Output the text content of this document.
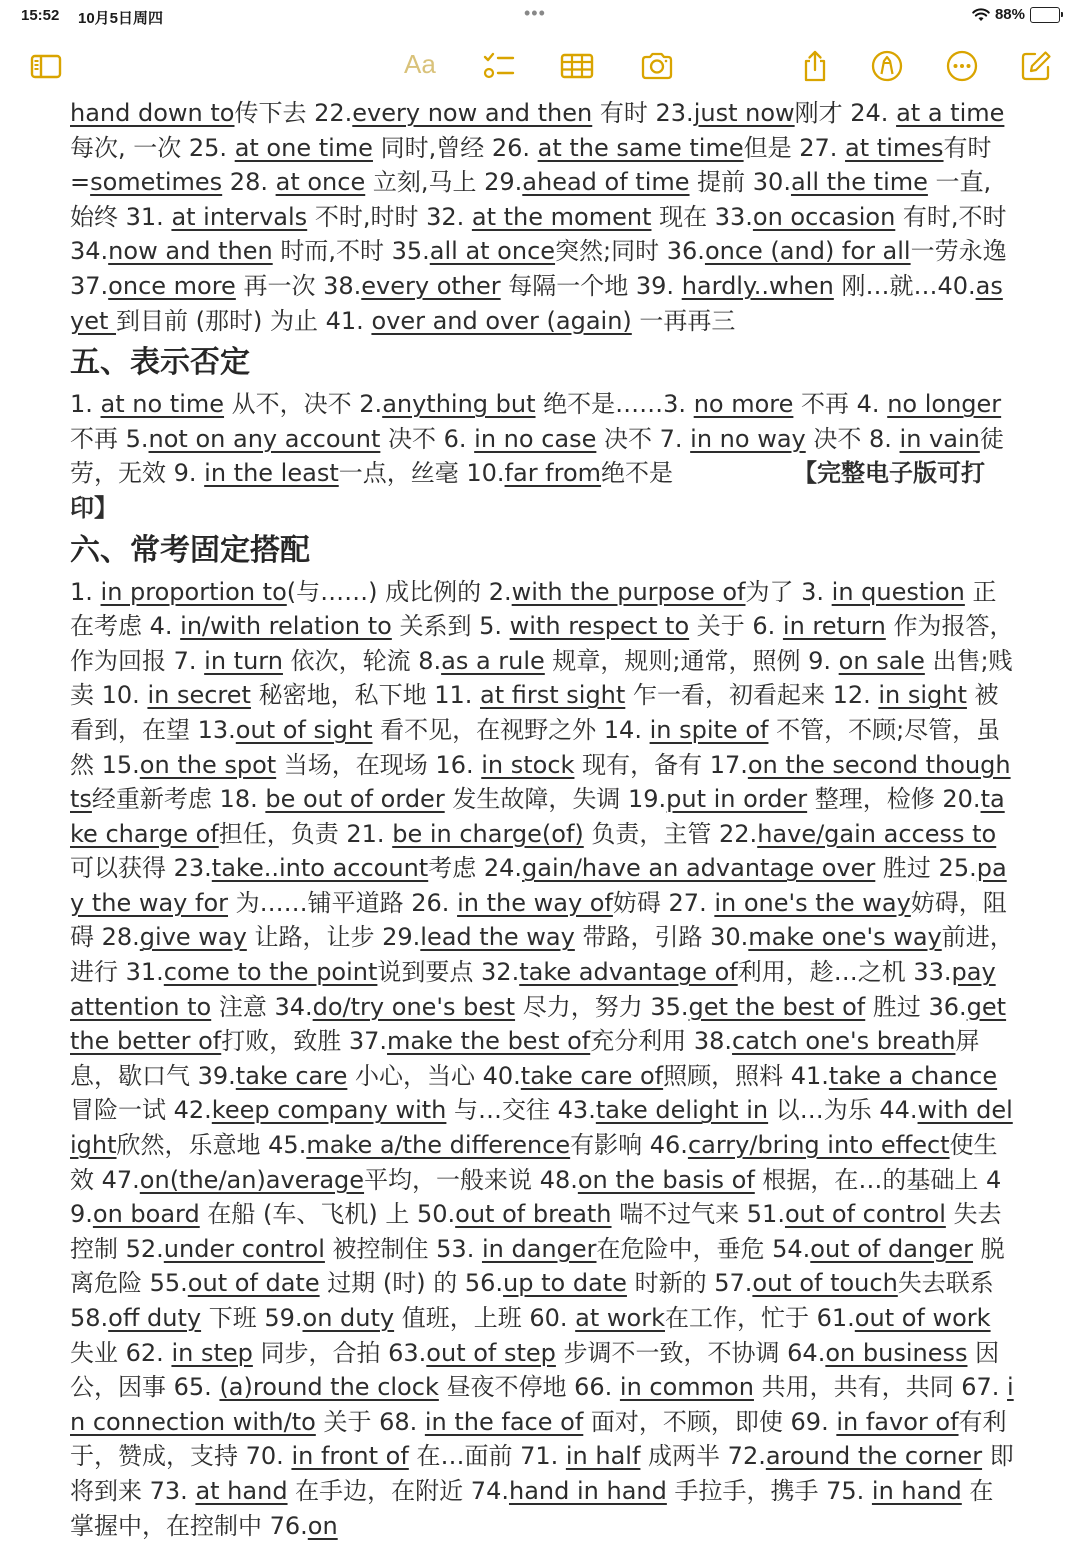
15:52 10月5日周四	•••	88%
Aa

hand down to传下去 22.every now and then 有时 23.just now刚才 24. at a time 每次, 一次 25. at one time 同时,曾经 26. at the same time但是 27. at times有时 =sometimes 28. at once 立刻,马上 29.ahead of time 提前 30.all the time 一直,始终 31. at intervals 不时,时时 32. at the moment 现在 33.on occasion 有时,不时 34.now and then 时而,不时 35.all at once突然;同时 36.once (and) for all一劳永逸 37.once more 再一次 38.every other 每隔一个地 39. hardly..when 刚…就…40.as yet 到目前 (那时) 为止 41. over and over (again) 一再再三

五、表示否定

1. at no time 从不，决不 2.anything but 绝不是……3. no more 不再 4. no longer 不再 5.not on any account 决不 6. in no case 决不 7. in no way 决不 8. in vain徒劳，无效 9. in the least一点，丝毫 10.far from绝不是	【完整电子版可打印】

六、常考固定搭配

1. in proportion to(与……) 成比例的 2.with the purpose of为了 3. in question 正在考虑 4. in/with relation to 关系到 5. with respect to 关于 6. in return 作为报答，作为回报 7. in turn 依次，轮流 8.as a rule 规章，规则;通常，照例 9. on sale 出售;贱卖 10. in secret 秘密地，私下地 11. at first sight 乍一看，初看起来 12. in sight 被看到，在望 13.out of sight 看不见，在视野之外 14. in spite of 不管，不顾;尽管，虽然 15.on the spot 当场，在现场 16. in stock 现有，备有 17.on the second thoughts经重新考虑 18. be out of order 发生故障，失调 19.put in order 整理，检修 20.take charge of担任，负责 21. be in charge(of) 负责，主管 22.have/gain access to可以获得 23.take..into account考虑 24.gain/have an advantage over 胜过 25.pay the way for 为……铺平道路 26. in the way of妨碍 27. in one's the way妨碍，阻碍 28.give way 让路，让步 29.lead the way 带路，引路 30.make one's way前进，进行 31.come to the point说到要点 32.take advantage of利用，趁…之机 33.pay attention to 注意 34.do/try one's best 尽力，努力 35.get the best of 胜过 36.get the better of打败，致胜 37.make the best of充分利用 38.catch one's breath屏息，歇口气 39.take care 小心，当心 40.take care of照顾，照料 41.take a chance 冒险一试 42.keep company with 与…交往 43.take delight in 以…为乐 44.with delight欣然，乐意地 45.make a/the difference有影响 46.carry/bring into effect使生效 47.on(the/an)average平均，一般来说 48.on the basis of 根据，在…的基础上 49.on board 在船 (车、飞机) 上 50.out of breath 喘不过气来 51.out of control 失去控制 52.under control 被控制住 53. in danger在危险中，垂危 54.out of danger 脱离危险 55.out of date 过期 (时) 的 56.up to date 时新的 57.out of touch失去联系 58.off duty 下班 59.on duty 值班，上班 60. at work在工作，忙于 61.out of work 失业 62. in step 同步，合拍 63.out of step 步调不一致，不协调 64.on business 因公，因事 65. (a)round the clock 昼夜不停地 66. in common 共用，共有，共同 67. in connection with/to 关于 68. in the face of 面对，不顾，即使 69. in favor of有利于，赞成，支持 70. in front of 在…面前 71. in half 成两半 72.around the corner 即将到来 73. at hand 在手边，在附近 74.hand in hand 手拉手，携手 75. in hand 在掌握中，在控制中 76.on
